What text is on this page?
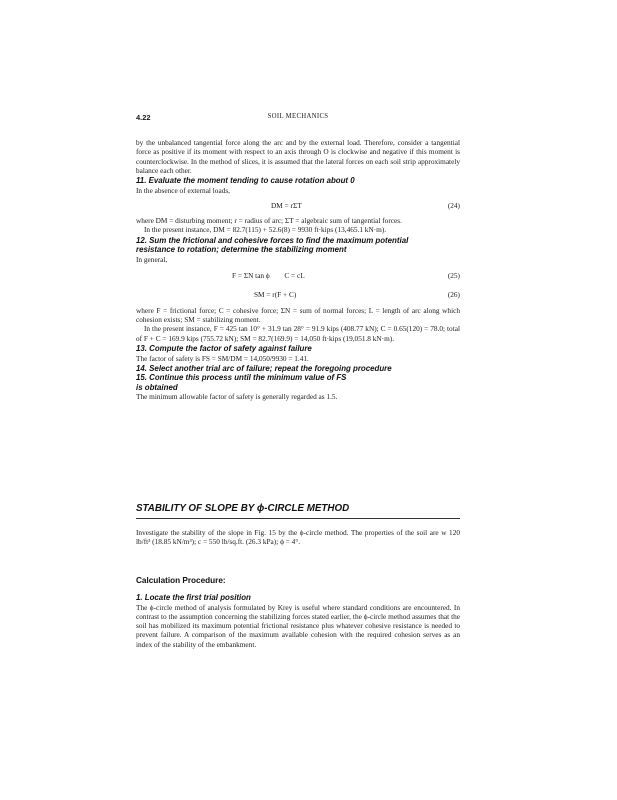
4.22	SOIL MECHANICS

by the unbalanced tangential force along the arc and by the external load. Therefore, consider a tangential force as positive if its moment with respect to an axis through O is clockwise and negative if this moment is counterclockwise. In the method of slices, it is assumed that the lateral forces on each soil strip approximately balance each other.

11. Evaluate the moment tending to cause rotation about 0

In the absence of external loads,

DM = rΣT	(24)

where DM = disturbing moment; r = radius of arc; ΣT = algebraic sum of tangential forces.

In the present instance, DM = 82.7(115) + 52.6(8) = 9930 ft·kips (13,465.1 kN·m).

12. Sum the frictional and cohesive forces to find the maximum potential
resistance to rotation; determine the stabilizing moment

In general,

F = ΣN tan ϕ        C = cL	(25)
SM = r(F + C)	(26)

where F = frictional force; C = cohesive force; ΣN = sum of normal forces; L = length of arc along which cohesion exists; SM = stabilizing moment.

In the present instance, F = 425 tan 10° + 31.9 tan 28° = 91.9 kips (408.77 kN); C = 0.65(120) = 78.0; total of F + C = 169.9 kips (755.72 kN); SM = 82.7(169.9) = 14,050 ft·kips (19,051.8 kN·m).

13. Compute the factor of safety against failure

The factor of safety is FS = SM/DM = 14,050/9930 = 1.41.

14. Select another trial arc of failure; repeat the foregoing procedure

15. Continue this process until the minimum value of FS
is obtained

The minimum allowable factor of safety is generally regarded as 1.5.

STABILITY OF SLOPE BY ϕ-CIRCLE METHOD

Investigate the stability of the slope in Fig. 15 by the ϕ-circle method. The properties of the soil are w 120 lb/ft³ (18.85 kN/m³); c = 550 lb/sq.ft. (26.3 kPa); ϕ = 4°.

Calculation Procedure:

1. Locate the first trial position

The ϕ-circle method of analysis formulated by Krey is useful where standard conditions are encountered. In contrast to the assumption concerning the stabilizing forces stated earlier, the ϕ-circle method assumes that the soil has mobilized its maximum potential frictional resistance plus whatever cohesive resistance is needed to prevent failure. A comparison of the maximum available cohesion with the required cohesion serves as an index of the stability of the embankment.
